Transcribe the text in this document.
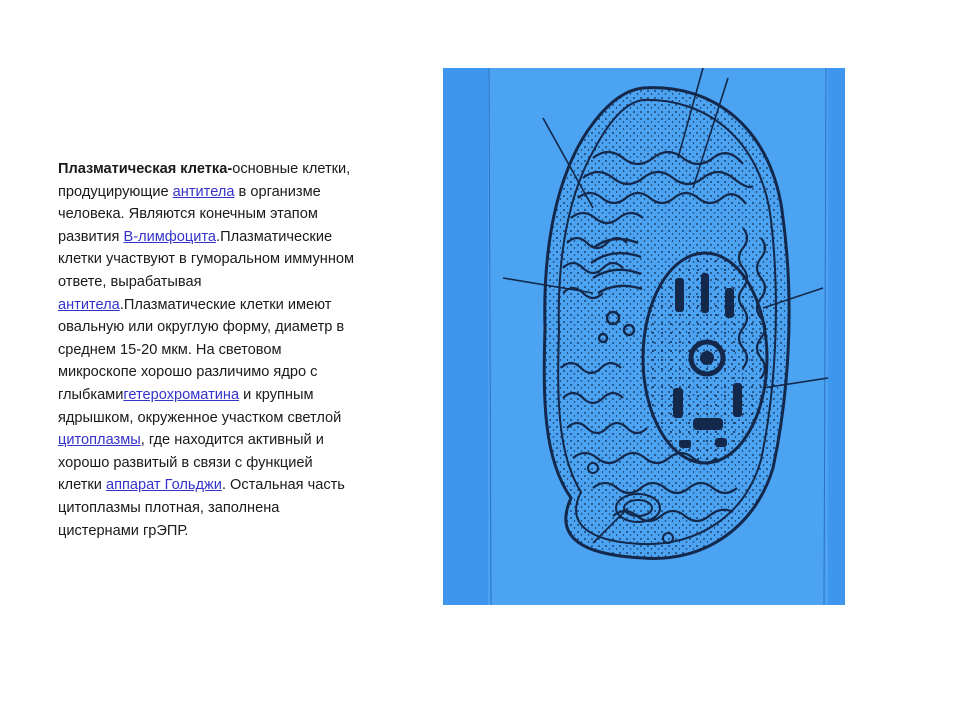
Плазматическая клетка-основные клетки, продуцирующие антитела в организме человека. Являются конечным этапом развития B-лимфоцита.Плазматические клетки участвуют в гуморальном иммунном ответе, вырабатывая антитела.Плазматические клетки имеют овальную или округлую форму, диаметр в среднем 15-20 мкм. На световом микроскопе хорошо различимо ядро с глыбкамигетерохроматина и крупным ядрышком, окруженное участком светлой цитоплазмы, где находится активный и хорошо развитый в связи с функцией клетки аппарат Гольджи. Остальная часть цитоплазмы плотная, заполнена цистернами грЭПР.
